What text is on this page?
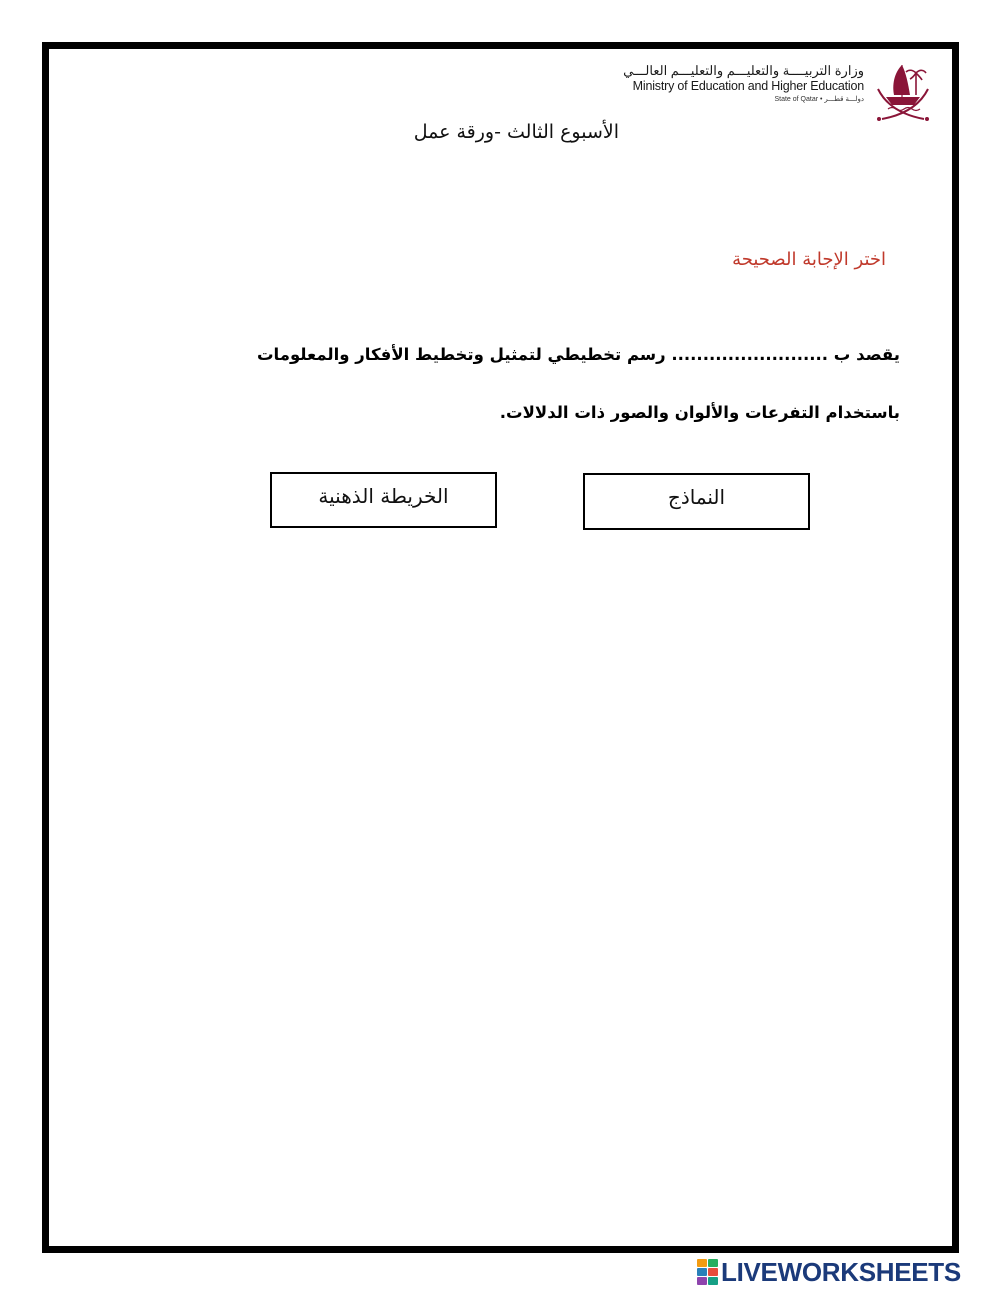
وزارة التربيــــة والتعليـــم والتعليـــم العالـــي
Ministry of Education and Higher Education
State of Qatar • دولـــة قطـــر
الأسبوع الثالث -ورقة عمل
اختر الإجابة الصحيحة
يقصد ب ......................... رسم تخطيطي لتمثيل وتخطيط الأفكار والمعلومات
باستخدام التفرعات والألوان والصور ذات الدلالات.
الخريطة الذهنية	النماذج
LIVEWORKSHEETS
